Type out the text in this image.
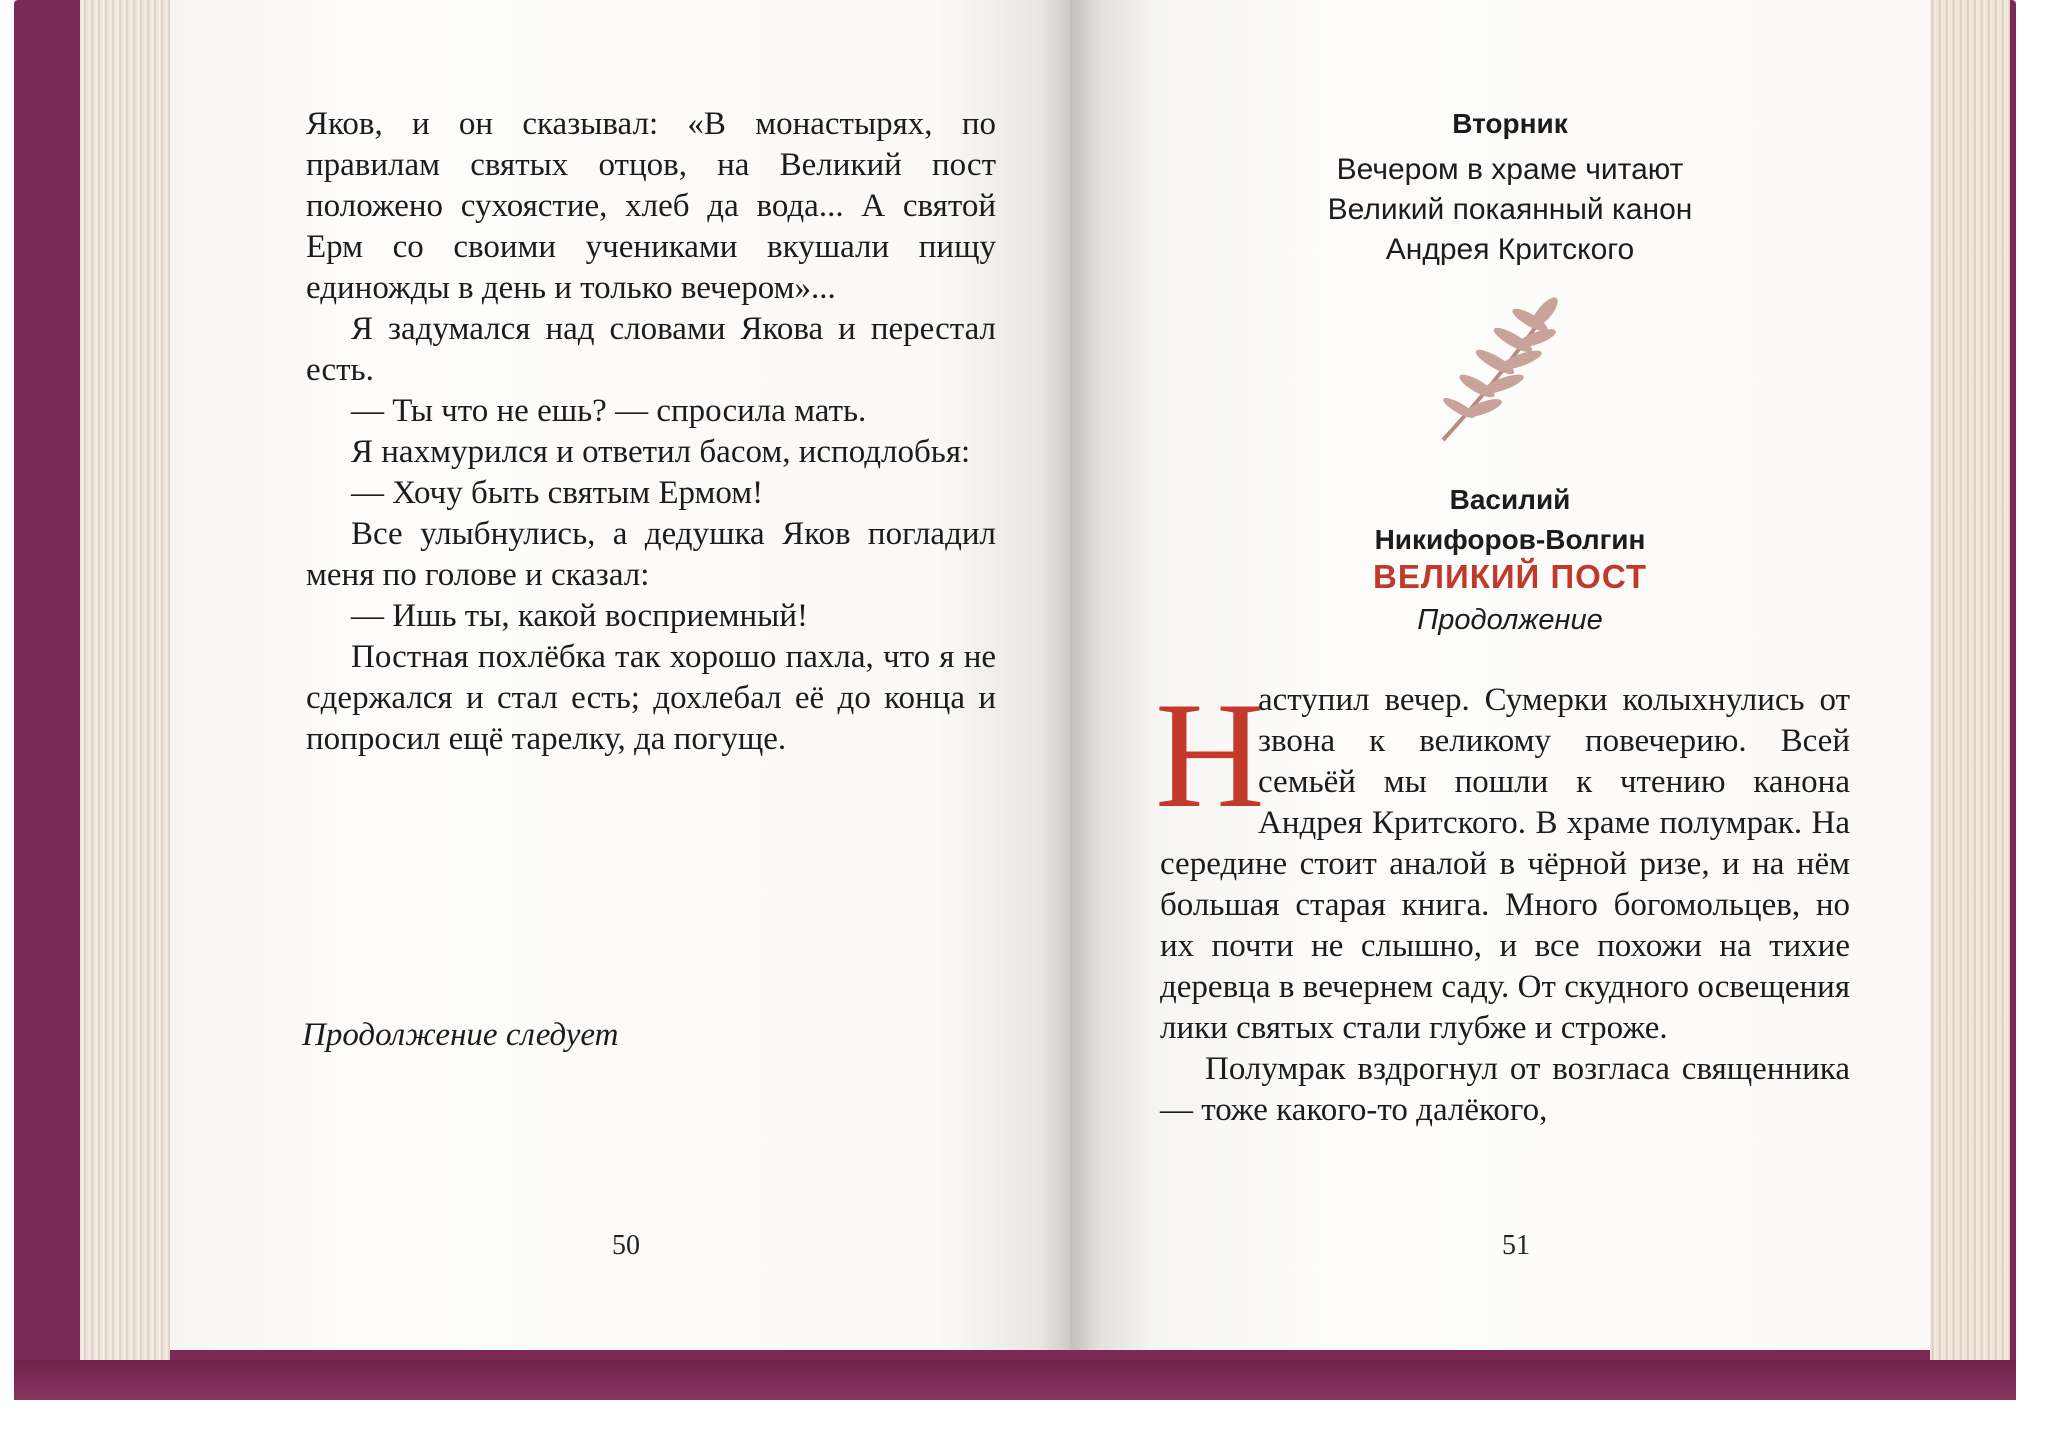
Яков, и он сказывал: «В монастырях, по правилам святых отцов, на Великий пост положено сухоястие, хлеб да вода... А святой Ерм со своими учениками вкушали пищу единожды в день и только вечером»...

Я задумался над словами Якова и перестал есть.

— Ты что не ешь? — спросила мать.

Я нахмурился и ответил басом, исподлобья:

— Хочу быть святым Ермом!

Все улыбнулись, а дедушка Яков погладил меня по голове и сказал:

— Ишь ты, какой восприемный!

Постная похлёбка так хорошо пахла, что я не сдержался и стал есть; дохлебал её до конца и попросил ещё тарелку, да погуще.

Продолжение следует
50
Вторник
Вечером в храме читают
Великий покаянный канон
Андрея Критского
Василий
Никифоров-Волгин
ВЕЛИКИЙ ПОСТ
Продолжение
Н

аступил вечер. Сумерки колыхнулись от звона к великому повечерию. Всей семьёй мы пошли к чтению канона Андрея Критского. В храме полумрак. На середине стоит аналой в чёрной ризе, и на нём большая старая книга. Много богомольцев, но их почти не слышно, и все похожи на тихие деревца в вечернем саду. От скудного освещения лики святых стали глубже и строже.

Полумрак вздрогнул от возгласа священника — тоже какого-то далёкого,

51
